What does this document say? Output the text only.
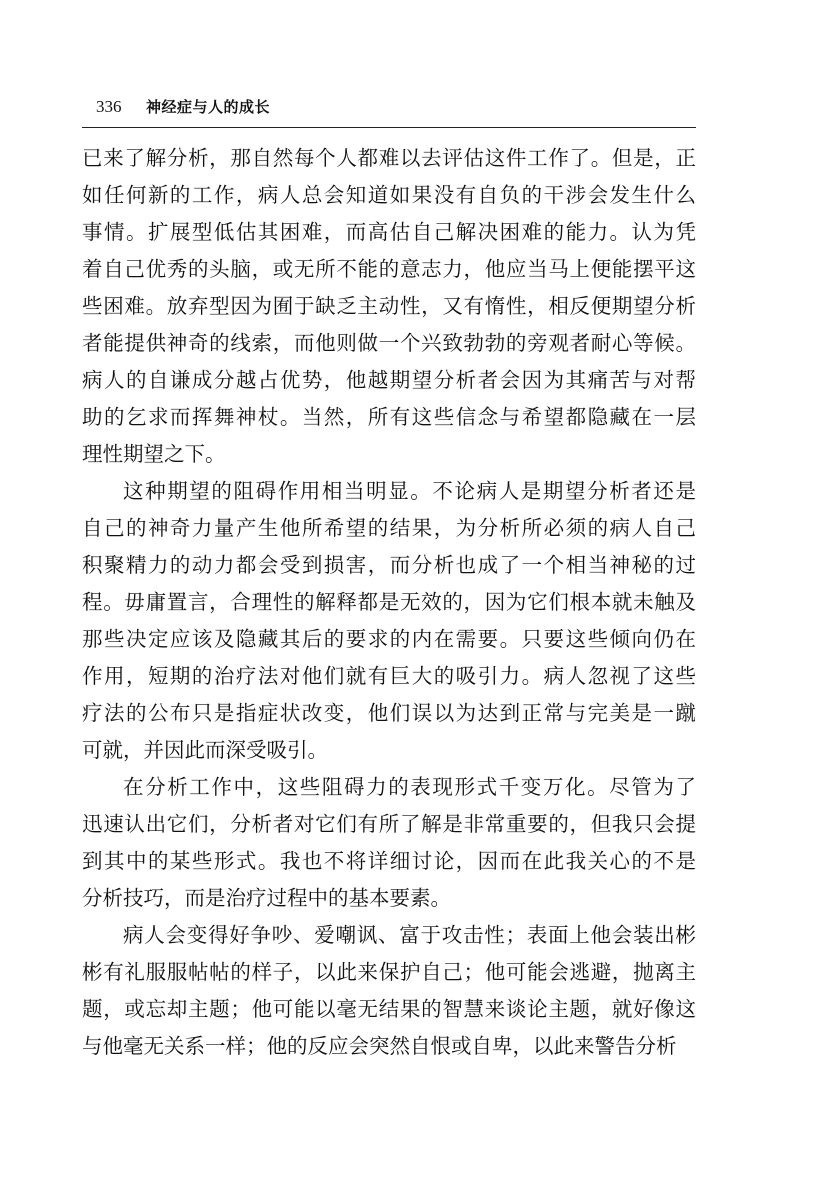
336 神经症与人的成长
已来了解分析，那自然每个人都难以去评估这件工作了。但是，正
如任何新的工作，病人总会知道如果没有自负的干涉会发生什么
事情。扩展型低估其困难，而高估自己解决困难的能力。认为凭
着自己优秀的头脑，或无所不能的意志力，他应当马上便能摆平这
些困难。放弃型因为囿于缺乏主动性，又有惰性，相反便期望分析
者能提供神奇的线索，而他则做一个兴致勃勃的旁观者耐心等候。
病人的自谦成分越占优势，他越期望分析者会因为其痛苦与对帮
助的乞求而挥舞神杖。当然，所有这些信念与希望都隐藏在一层
理性期望之下。
这种期望的阻碍作用相当明显。不论病人是期望分析者还是
自己的神奇力量产生他所希望的结果，为分析所必须的病人自己
积聚精力的动力都会受到损害，而分析也成了一个相当神秘的过
程。毋庸置言，合理性的解释都是无效的，因为它们根本就未触及
那些决定应该及隐藏其后的要求的内在需要。只要这些倾向仍在
作用，短期的治疗法对他们就有巨大的吸引力。病人忽视了这些
疗法的公布只是指症状改变，他们误以为达到正常与完美是一蹴
可就，并因此而深受吸引。
在分析工作中，这些阻碍力的表现形式千变万化。尽管为了
迅速认出它们，分析者对它们有所了解是非常重要的，但我只会提
到其中的某些形式。我也不将详细讨论，因而在此我关心的不是
分析技巧，而是治疗过程中的基本要素。
病人会变得好争吵、爱嘲讽、富于攻击性；表面上他会装出彬
彬有礼服服帖帖的样子，以此来保护自己；他可能会逃避，抛离主
题，或忘却主题；他可能以毫无结果的智慧来谈论主题，就好像这
与他毫无关系一样；他的反应会突然自恨或自卑，以此来警告分析
